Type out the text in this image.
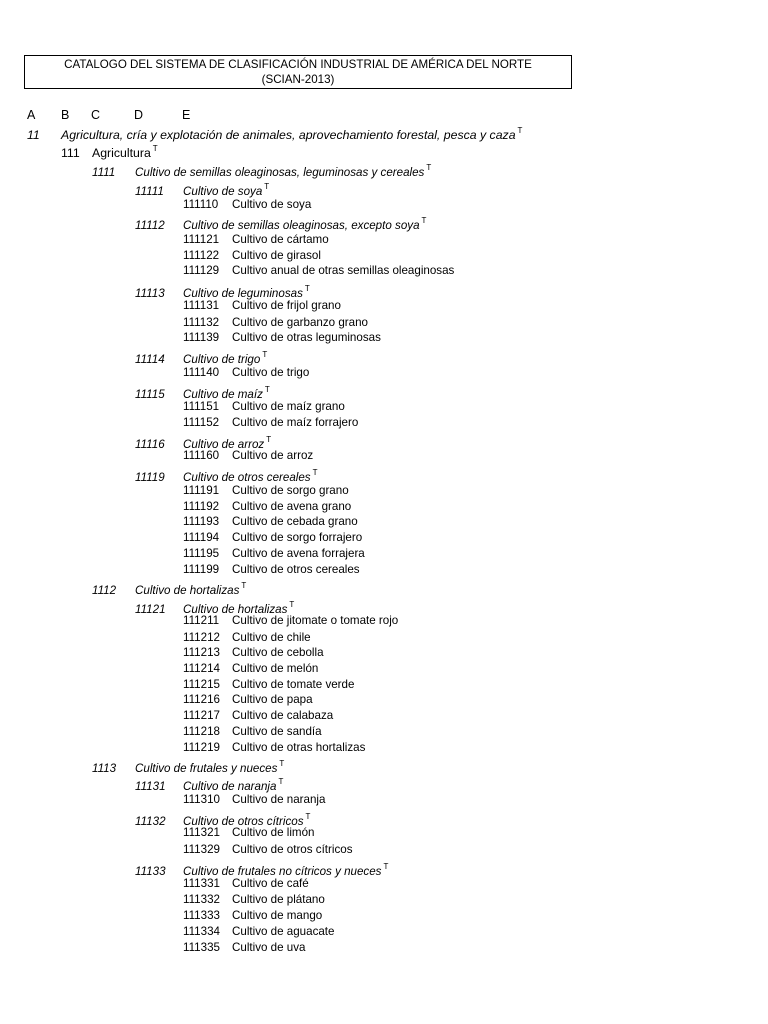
CATALOGO DEL SISTEMA DE CLASIFICACIÓN INDUSTRIAL DE AMÉRICA DEL NORTE
(SCIAN-2013)
A B C	D	E
11 Agricultura, cría y explotación de animales, aprovechamiento forestal, pesca y caza $^T$
111 Agricultura $^T$
1111 Cultivo de semillas oleaginosas, leguminosas y cereales $^T$
11111 Cultivo de soya $^T$
111110 Cultivo de soya
11112 Cultivo de semillas oleaginosas, excepto soya $^T$
111121 Cultivo de cártamo
111122 Cultivo de girasol
111129 Cultivo anual de otras semillas oleaginosas
11113 Cultivo de leguminosas $^T$
111131 Cultivo de frijol grano
111132 Cultivo de garbanzo grano
111139 Cultivo de otras leguminosas
11114 Cultivo de trigo $^T$
111140 Cultivo de trigo
11115 Cultivo de maíz $^T$
111151 Cultivo de maíz grano
111152 Cultivo de maíz forrajero
11116 Cultivo de arroz $^T$
111160 Cultivo de arroz
11119 Cultivo de otros cereales $^T$
111191 Cultivo de sorgo grano
111192 Cultivo de avena grano
111193 Cultivo de cebada grano
111194 Cultivo de sorgo forrajero
111195 Cultivo de avena forrajera
111199 Cultivo de otros cereales
1112 Cultivo de hortalizas $^T$
11121 Cultivo de hortalizas $^T$
111211 Cultivo de jitomate o tomate rojo
111212 Cultivo de chile
111213 Cultivo de cebolla
111214 Cultivo de melón
111215 Cultivo de tomate verde
111216 Cultivo de papa
111217 Cultivo de calabaza
111218 Cultivo de sandía
111219 Cultivo de otras hortalizas
1113 Cultivo de frutales y nueces $^T$
11131 Cultivo de naranja $^T$
111310 Cultivo de naranja
11132 Cultivo de otros cítricos $^T$
111321 Cultivo de limón
111329 Cultivo de otros cítricos
11133 Cultivo de frutales no cítricos y nueces $^T$
111331 Cultivo de café
111332 Cultivo de plátano
111333 Cultivo de mango
111334 Cultivo de aguacate
111335 Cultivo de uva
